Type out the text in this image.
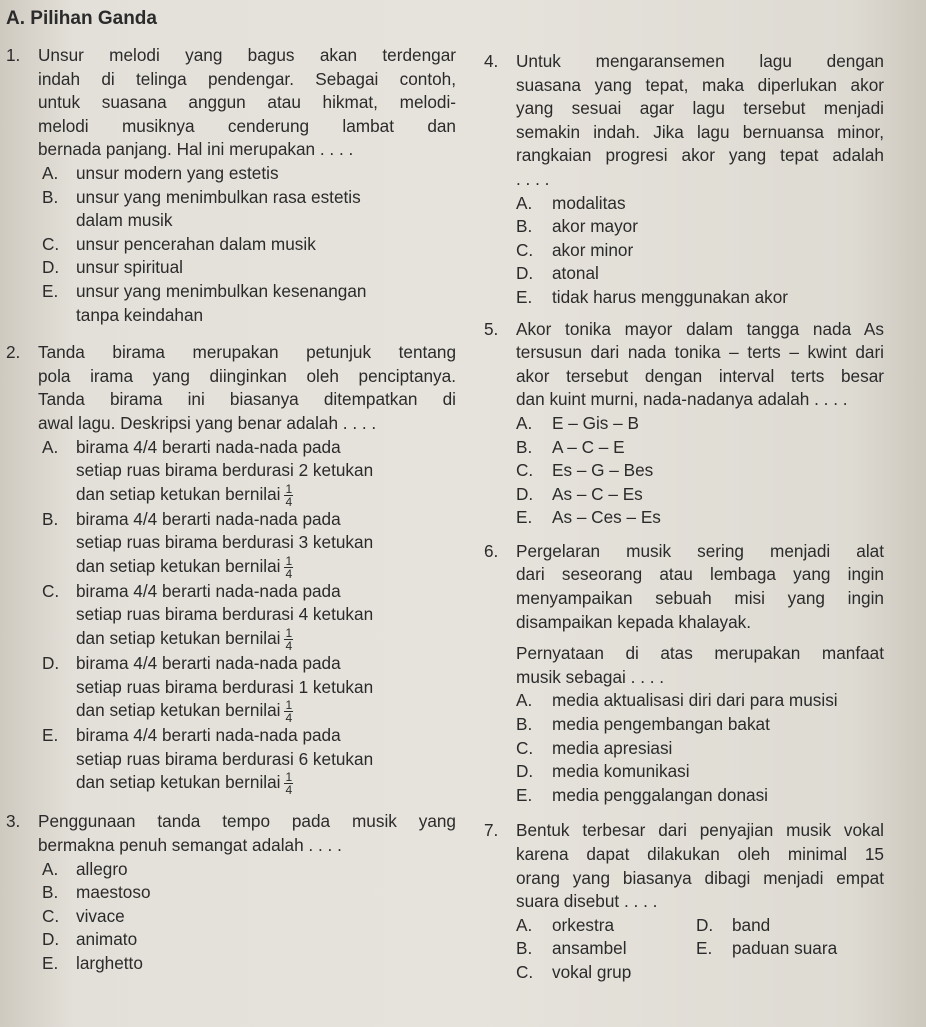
A. Pilihan Ganda
1. Unsur melodi yang bagus akan terdengar
indah di telinga pendengar. Sebagai contoh,
untuk suasana anggun atau hikmat, melodi-
melodi musiknya cenderung lambat dan
bernada panjang. Hal ini merupakan . . . .
A. unsur modern yang estetis
B. unsur yang menimbulkan rasa estetis
dalam musik
C. unsur pencerahan dalam musik
D. unsur spiritual
E. unsur yang menimbulkan kesenangan
tanpa keindahan
2. Tanda birama merupakan petunjuk tentang
pola irama yang diinginkan oleh penciptanya.
Tanda birama ini biasanya ditempatkan di
awal lagu. Deskripsi yang benar adalah . . . .
A. birama 4/4 berarti nada-nada pada
setiap ruas birama berdurasi 2 ketukan
dan setiap ketukan bernilai $\frac{1}{4}$
B. birama 4/4 berarti nada-nada pada
setiap ruas birama berdurasi 3 ketukan
dan setiap ketukan bernilai $\frac{1}{4}$
C. birama 4/4 berarti nada-nada pada
setiap ruas birama berdurasi 4 ketukan
dan setiap ketukan bernilai $\frac{1}{4}$
D. birama 4/4 berarti nada-nada pada
setiap ruas birama berdurasi 1 ketukan
dan setiap ketukan bernilai $\frac{1}{4}$
E. birama 4/4 berarti nada-nada pada
setiap ruas birama berdurasi 6 ketukan
dan setiap ketukan bernilai $\frac{1}{4}$
3. Penggunaan tanda tempo pada musik yang
bermakna penuh semangat adalah . . . .
A. allegro
B. maestoso
C. vivace
D. animato
E. larghetto
4. Untuk mengaransemen lagu dengan
suasana yang tepat, maka diperlukan akor
yang sesuai agar lagu tersebut menjadi
semakin indah. Jika lagu bernuansa minor,
rangkaian progresi akor yang tepat adalah
. . . .
A. modalitas
B. akor mayor
C. akor minor
D. atonal
E. tidak harus menggunakan akor
5. Akor tonika mayor dalam tangga nada As
tersusun dari nada tonika – terts – kwint dari
akor tersebut dengan interval terts besar
dan kuint murni, nada-nadanya adalah . . . .
A. E – Gis – B
B. A – C – E
C. Es – G – Bes
D. As – C – Es
E. As – Ces – Es
6. Pergelaran musik sering menjadi alat
dari seseorang atau lembaga yang ingin
menyampaikan sebuah misi yang ingin
disampaikan kepada khalayak.
Pernyataan di atas merupakan manfaat
musik sebagai . . . .
A. media aktualisasi diri dari para musisi
B. media pengembangan bakat
C. media apresiasi
D. media komunikasi
E. media penggalangan donasi
7. Bentuk terbesar dari penyajian musik vokal
karena dapat dilakukan oleh minimal 15
orang yang biasanya dibagi menjadi empat
suara disebut . . . .
A. orkestra	D. band
B. ansambel	E. paduan suara
C. vokal grup
